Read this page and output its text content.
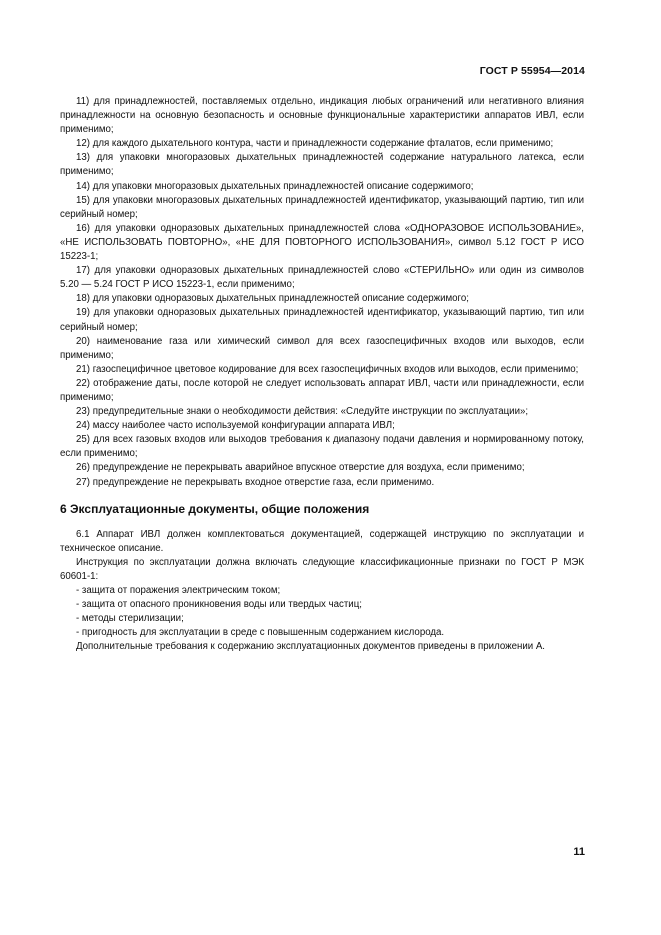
ГОСТ Р 55954—2014

11) для принадлежностей, поставляемых отдельно, индикация любых ограничений или негативного влияния принадлежности на основную безопасность и основные функциональные характеристики аппаратов ИВЛ, если применимо;

12) для каждого дыхательного контура, части и принадлежности содержание фталатов, если применимо;

13) для упаковки многоразовых дыхательных принадлежностей содержание натурального латекса, если применимо;

14) для упаковки многоразовых дыхательных принадлежностей описание содержимого;

15) для упаковки многоразовых дыхательных принадлежностей идентификатор, указывающий партию, тип или серийный номер;

16) для упаковки одноразовых дыхательных принадлежностей слова «ОДНОРАЗОВОЕ ИСПОЛЬЗОВАНИЕ», «НЕ ИСПОЛЬЗОВАТЬ ПОВТОРНО», «НЕ ДЛЯ ПОВТОРНОГО ИСПОЛЬЗОВАНИЯ», символ 5.12 ГОСТ Р ИСО 15223-1;

17) для упаковки одноразовых дыхательных принадлежностей слово «СТЕРИЛЬНО» или один из символов 5.20 — 5.24 ГОСТ Р ИСО 15223-1, если применимо;

18) для упаковки одноразовых дыхательных принадлежностей описание содержимого;

19) для упаковки одноразовых дыхательных принадлежностей идентификатор, указывающий партию, тип или серийный номер;

20) наименование газа или химический символ для всех газоспецифичных входов или выходов, если применимо;

21) газоспецифичное цветовое кодирование для всех газоспецифичных входов или выходов, если применимо;

22) отображение даты, после которой не следует использовать аппарат ИВЛ, части или принадлежности, если применимо;

23) предупредительные знаки о необходимости действия: «Следуйте инструкции по эксплуатации»;

24) массу наиболее часто используемой конфигурации аппарата ИВЛ;

25) для всех газовых входов или выходов требования к диапазону подачи давления и нормированному потоку, если применимо;

26) предупреждение не перекрывать аварийное впускное отверстие для воздуха, если применимо;

27) предупреждение не перекрывать входное отверстие газа, если применимо.

6 Эксплуатационные документы, общие положения

6.1 Аппарат ИВЛ должен комплектоваться документацией, содержащей инструкцию по эксплуатации и техническое описание.

Инструкция по эксплуатации должна включать следующие классификационные признаки по ГОСТ Р МЭК 60601-1:

- защита от поражения электрическим током;

- защита от опасного проникновения воды или твердых частиц;

- методы стерилизации;

- пригодность для эксплуатации в среде с повышенным содержанием кислорода.

Дополнительные требования к содержанию эксплуатационных документов приведены в приложении А.

11
